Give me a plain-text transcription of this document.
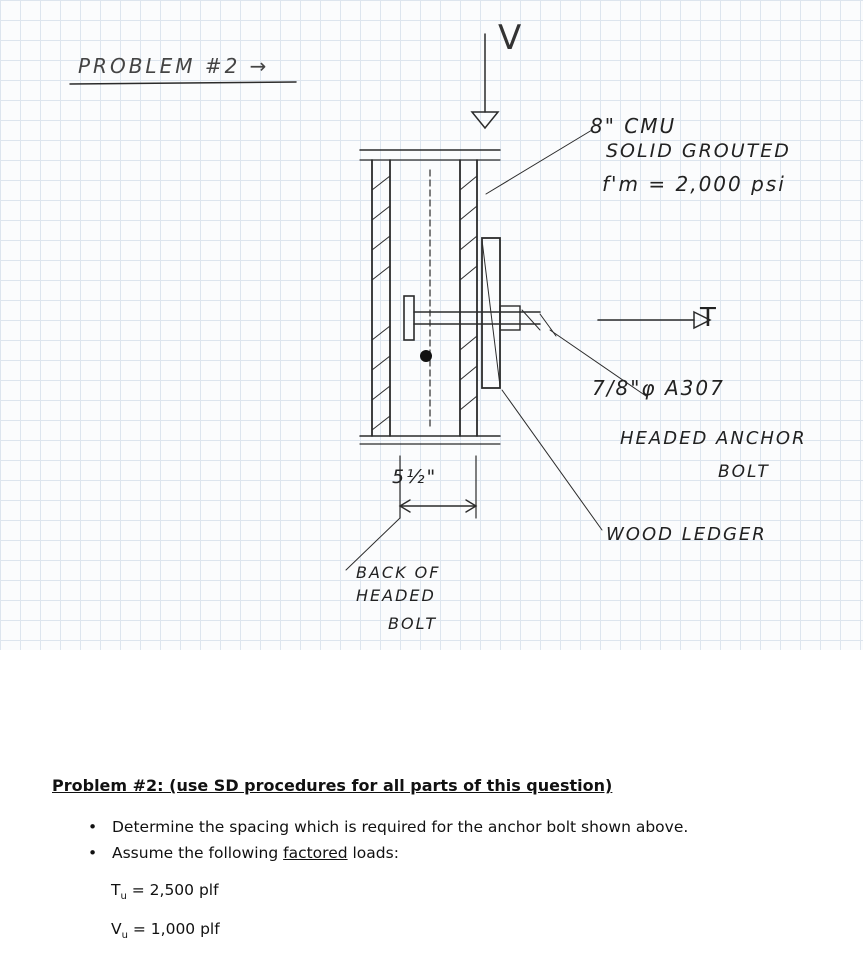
PROBLEM #2 →
V
8" CMU
SOLID GROUTED
f'm = 2,000 psi
T
7/8"φ A307
HEADED ANCHOR
BOLT
WOOD LEDGER
5½"
BACK OF
HEADED
BOLT
Problem #2: (use SD procedures for all parts of this question)
• Determine the spacing which is required for the anchor bolt shown above.
• Assume the following factored loads:
$T_u = 2,500$ plf
$V_u = 1,000$ plf
